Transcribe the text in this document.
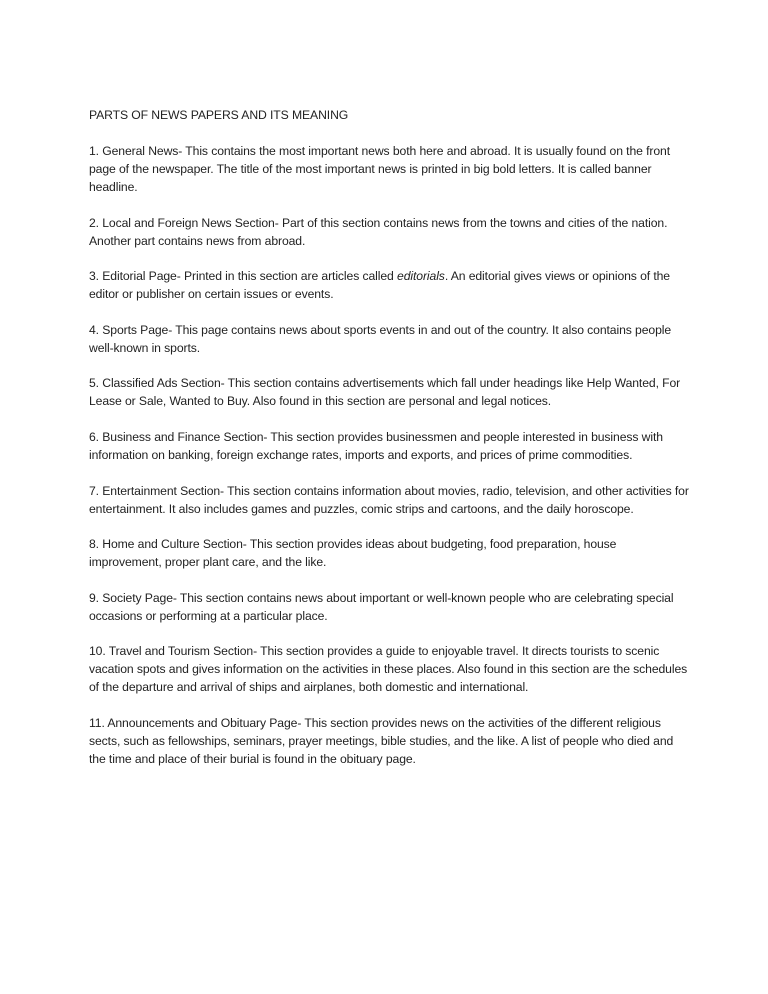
PARTS OF NEWS PAPERS AND ITS MEANING

1. General News- This contains the most important news both here and abroad. It is usually found on the front page of the newspaper. The title of the most important news is printed in big bold letters. It is called banner headline.

2. Local and Foreign News Section- Part of this section contains news from the towns and cities of the nation. Another part contains news from abroad.

3. Editorial Page- Printed in this section are articles called editorials. An editorial gives views or opinions of the editor or publisher on certain issues or events.

4. Sports Page- This page contains news about sports events in and out of the country. It also contains people well-known in sports.

5. Classified Ads Section- This section contains advertisements which fall under headings like Help Wanted, For Lease or Sale, Wanted to Buy. Also found in this section are personal and legal notices.

6. Business and Finance Section- This section provides businessmen and people interested in business with information on banking, foreign exchange rates, imports and exports, and prices of prime commodities.

7. Entertainment Section- This section contains information about movies, radio, television, and other activities for entertainment. It also includes games and puzzles, comic strips and cartoons, and the daily horoscope.

8. Home and Culture Section- This section provides ideas about budgeting, food preparation, house improvement, proper plant care, and the like.

9. Society Page- This section contains news about important or well-known people who are celebrating special occasions or performing at a particular place.

10. Travel and Tourism Section- This section provides a guide to enjoyable travel. It directs tourists to scenic vacation spots and gives information on the activities in these places. Also found in this section are the schedules of the departure and arrival of ships and airplanes, both domestic and international.

11. Announcements and Obituary Page- This section provides news on the activities of the different religious sects, such as fellowships, seminars, prayer meetings, bible studies, and the like. A list of people who died and the time and place of their burial is found in the obituary page.
